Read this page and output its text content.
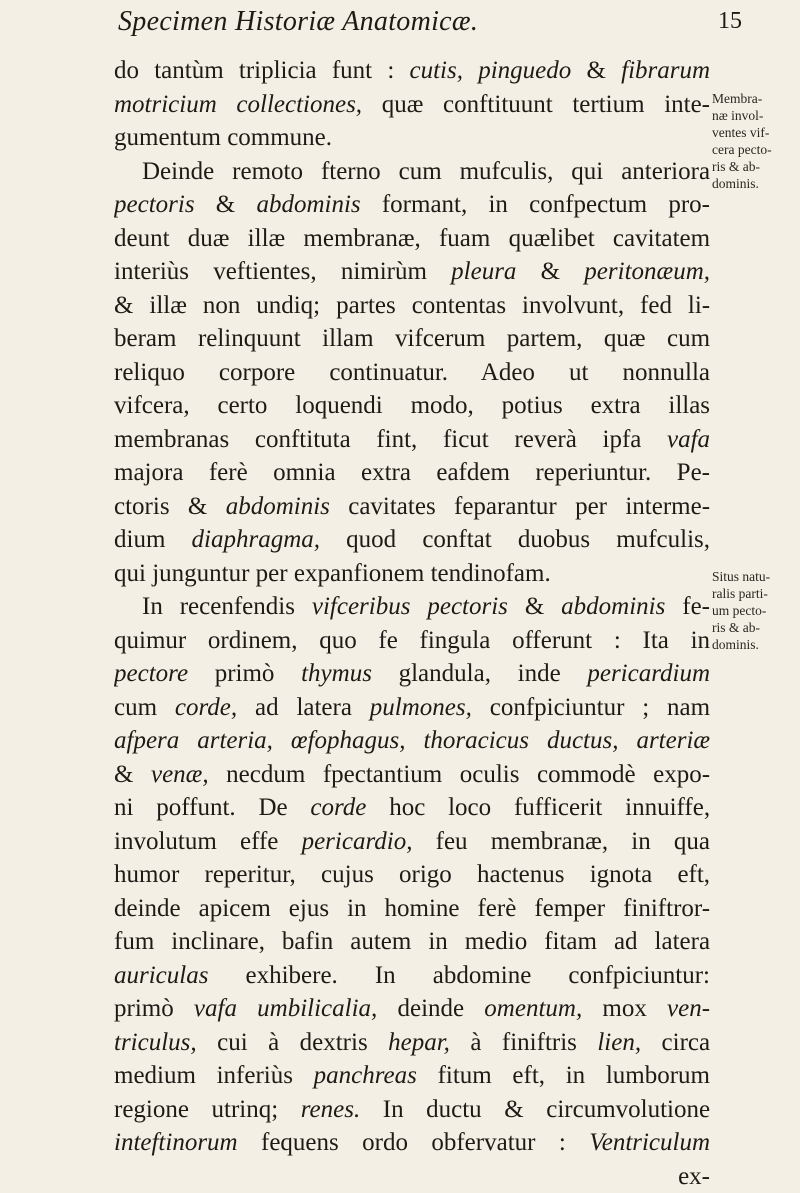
Specimen Historiæ Anatomicæ.	15
do tantùm triplicia funt : cutis, pinguedo & fibrarum
motricium collectiones, quæ conftituunt tertium inte-
gumentum commune.
Deinde remoto fterno cum mufculis, qui anteriora
pectoris & abdominis formant, in confpectum pro-
deunt duæ illæ membranæ, fuam quælibet cavitatem
interiùs veftientes, nimirùm pleura & peritonæum,
& illæ non undiq; partes contentas involvunt, fed li-
beram relinquunt illam vifcerum partem, quæ cum
reliquo corpore continuatur. Adeo ut nonnulla
vifcera, certo loquendi modo, potius extra illas
membranas conftituta fint, ficut reverà ipfa vafa
majora ferè omnia extra eafdem reperiuntur. Pe-
ctoris & abdominis cavitates feparantur per interme-
dium diaphragma, quod conftat duobus mufculis,
qui junguntur per expanfionem tendinofam.
In recenfendis vifceribus pectoris & abdominis fe-
quimur ordinem, quo fe fingula offerunt : Ita in
pectore primò thymus glandula, inde pericardium
cum corde, ad latera pulmones, confpiciuntur ; nam
afpera arteria, œfophagus, thoracicus ductus, arteriæ
& venæ, necdum fpectantium oculis commodè expo-
ni poffunt. De corde hoc loco fufficerit innuiffe,
involutum effe pericardio, feu membranæ, in qua
humor reperitur, cujus origo hactenus ignota eft,
deinde apicem ejus in homine ferè femper finiftror-
fum inclinare, bafin autem in medio fitam ad latera
auriculas exhibere. In abdomine confpiciuntur:
primò vafa umbilicalia, deinde omentum, mox ven-
triculus, cui à dextris hepar, à finiftris lien, circa
medium inferiùs panchreas fitum eft, in lumborum
regione utrinq; renes. In ductu & circumvolutione
inteftinorum fequens ordo obfervatur : Ventriculum
ex-
Membra-
næ invol-
ventes vif-
cera pecto-
ris & ab-
dominis.
Situs natu-
ralis parti-
um pecto-
ris & ab-
dominis.
